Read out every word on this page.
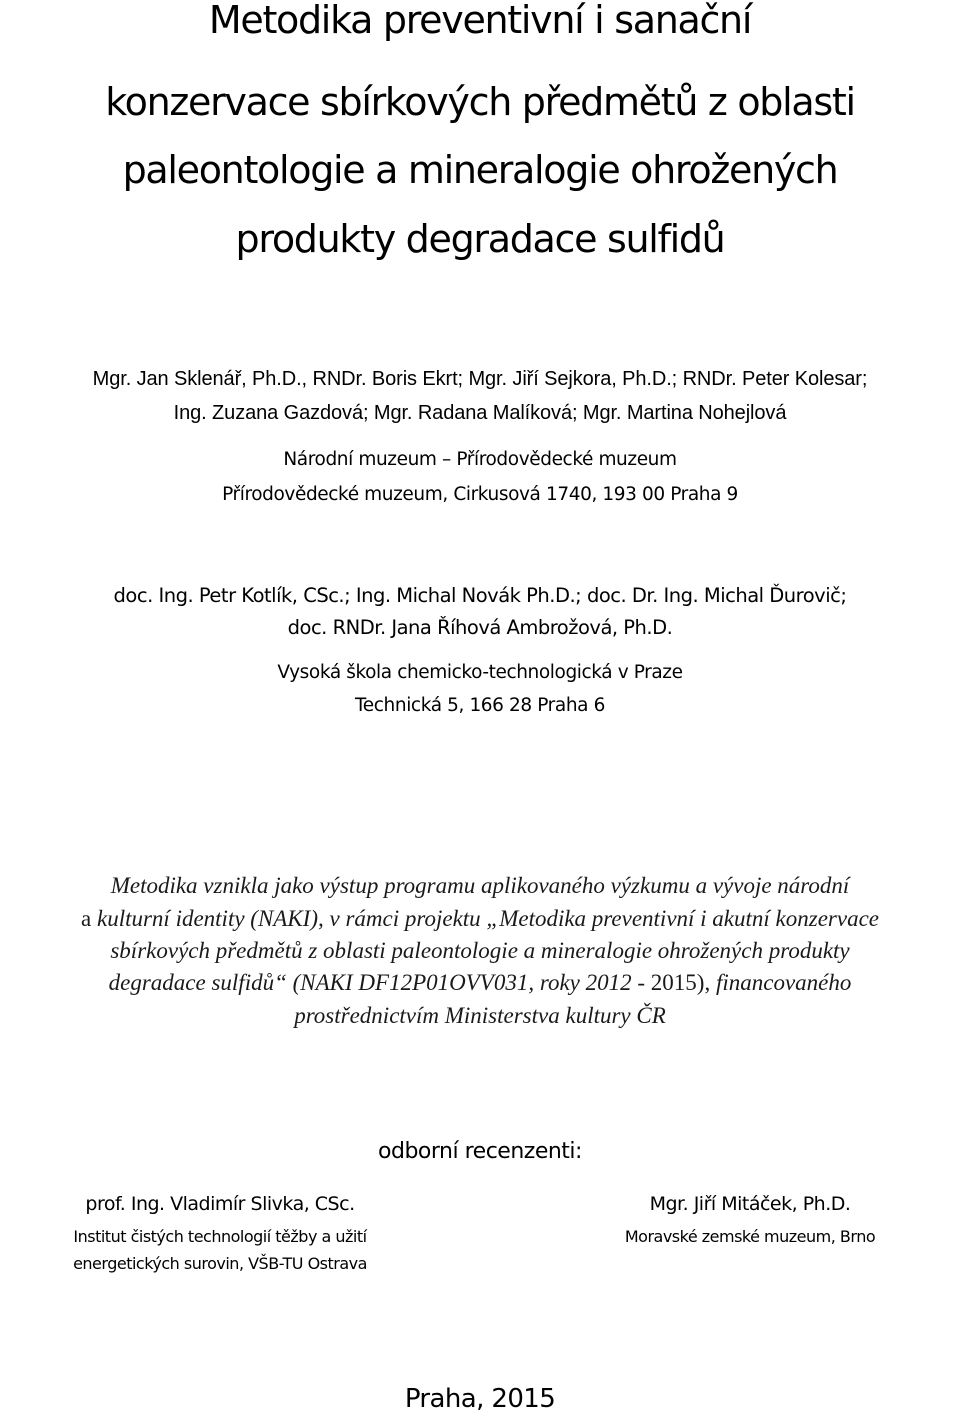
Metodika preventivní i sanační
konzervace sbírkových předmětů z oblasti
paleontologie a mineralogie ohrožených
produkty degradace sulfidů
Mgr. Jan Sklenář, Ph.D., RNDr. Boris Ekrt; Mgr. Jiří Sejkora, Ph.D.; RNDr. Peter Kolesar;
Ing. Zuzana Gazdová; Mgr. Radana Malíková; Mgr. Martina Nohejlová
Národní muzeum – Přírodovědecké muzeum
Přírodovědecké muzeum, Cirkusová 1740, 193 00 Praha 9
doc. Ing. Petr Kotlík, CSc.; Ing. Michal Novák Ph.D.; doc. Dr. Ing. Michal Ďurovič;
doc. RNDr. Jana Říhová Ambrožová, Ph.D.
Vysoká škola chemicko-technologická v Praze
Technická 5, 166 28 Praha 6
Metodika vznikla jako výstup programu aplikovaného výzkumu a vývoje národní
a kulturní identity (NAKI), v rámci projektu „Metodika preventivní i akutní konzervace
sbírkových předmětů z oblasti paleontologie a mineralogie ohrožených produkty
degradace sulfidů“ (NAKI DF12P01OVV031, roky 2012 - 2015), financovaného
prostřednictvím Ministerstva kultury ČR
odborní recenzenti:
prof. Ing. Vladimír Slivka, CSc.
Institut čistých technologií těžby a užití
energetických surovin, VŠB-TU Ostrava
Mgr. Jiří Mitáček, Ph.D.
Moravské zemské muzeum, Brno
Praha, 2015
